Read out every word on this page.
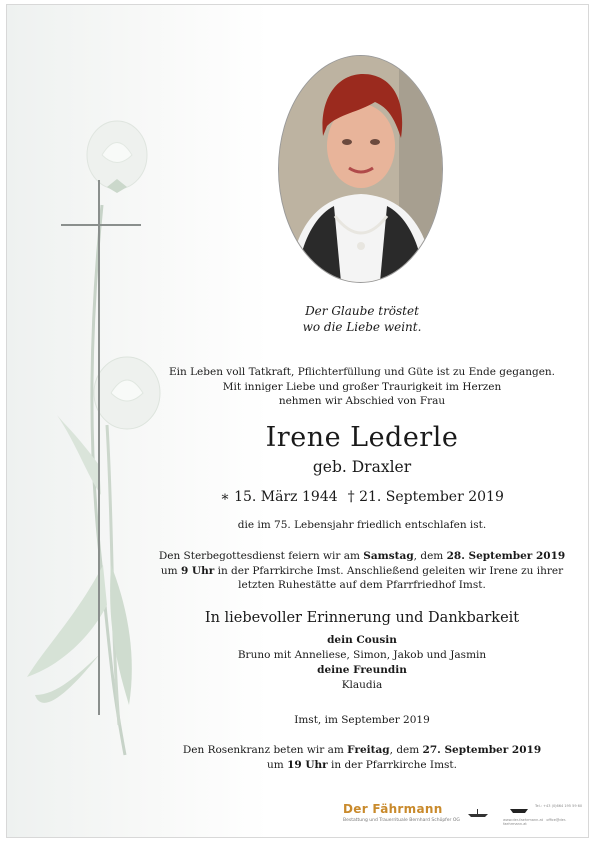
Der Glaube tröstet
wo die Liebe weint.
Ein Leben voll Tatkraft, Pflichterfüllung und Güte ist zu Ende gegangen.
Mit inniger Liebe und großer Traurigkeit im Herzen
nehmen wir Abschied von Frau
Irene Lederle
geb. Draxler
∗ 15. März 1944 † 21. September 2019
die im 75. Lebensjahr friedlich entschlafen ist.
Den Sterbegottesdienst feiern wir am Samstag, dem 28. September 2019
um 9 Uhr in der Pfarrkirche Imst. Anschließend geleiten wir Irene zu ihrer
letzten Ruhestätte auf dem Pfarrfriedhof Imst.
In liebevoller Erinnerung und Dankbarkeit
dein Cousin
Bruno mit Anneliese, Simon, Jakob und Jasmin
deine Freundin
Klaudia
Imst, im September 2019
Den Rosenkranz beten wir am Freitag, dem 27. September 2019
um 19 Uhr in der Pfarrkirche Imst.
Der Fährmann
Bestattung und Trauerrituale Bernhard Schöpfer OG
Tel.: +43 (0)664 195 59 60
www.der-faehrmann.at office@der-faehrmann.at
